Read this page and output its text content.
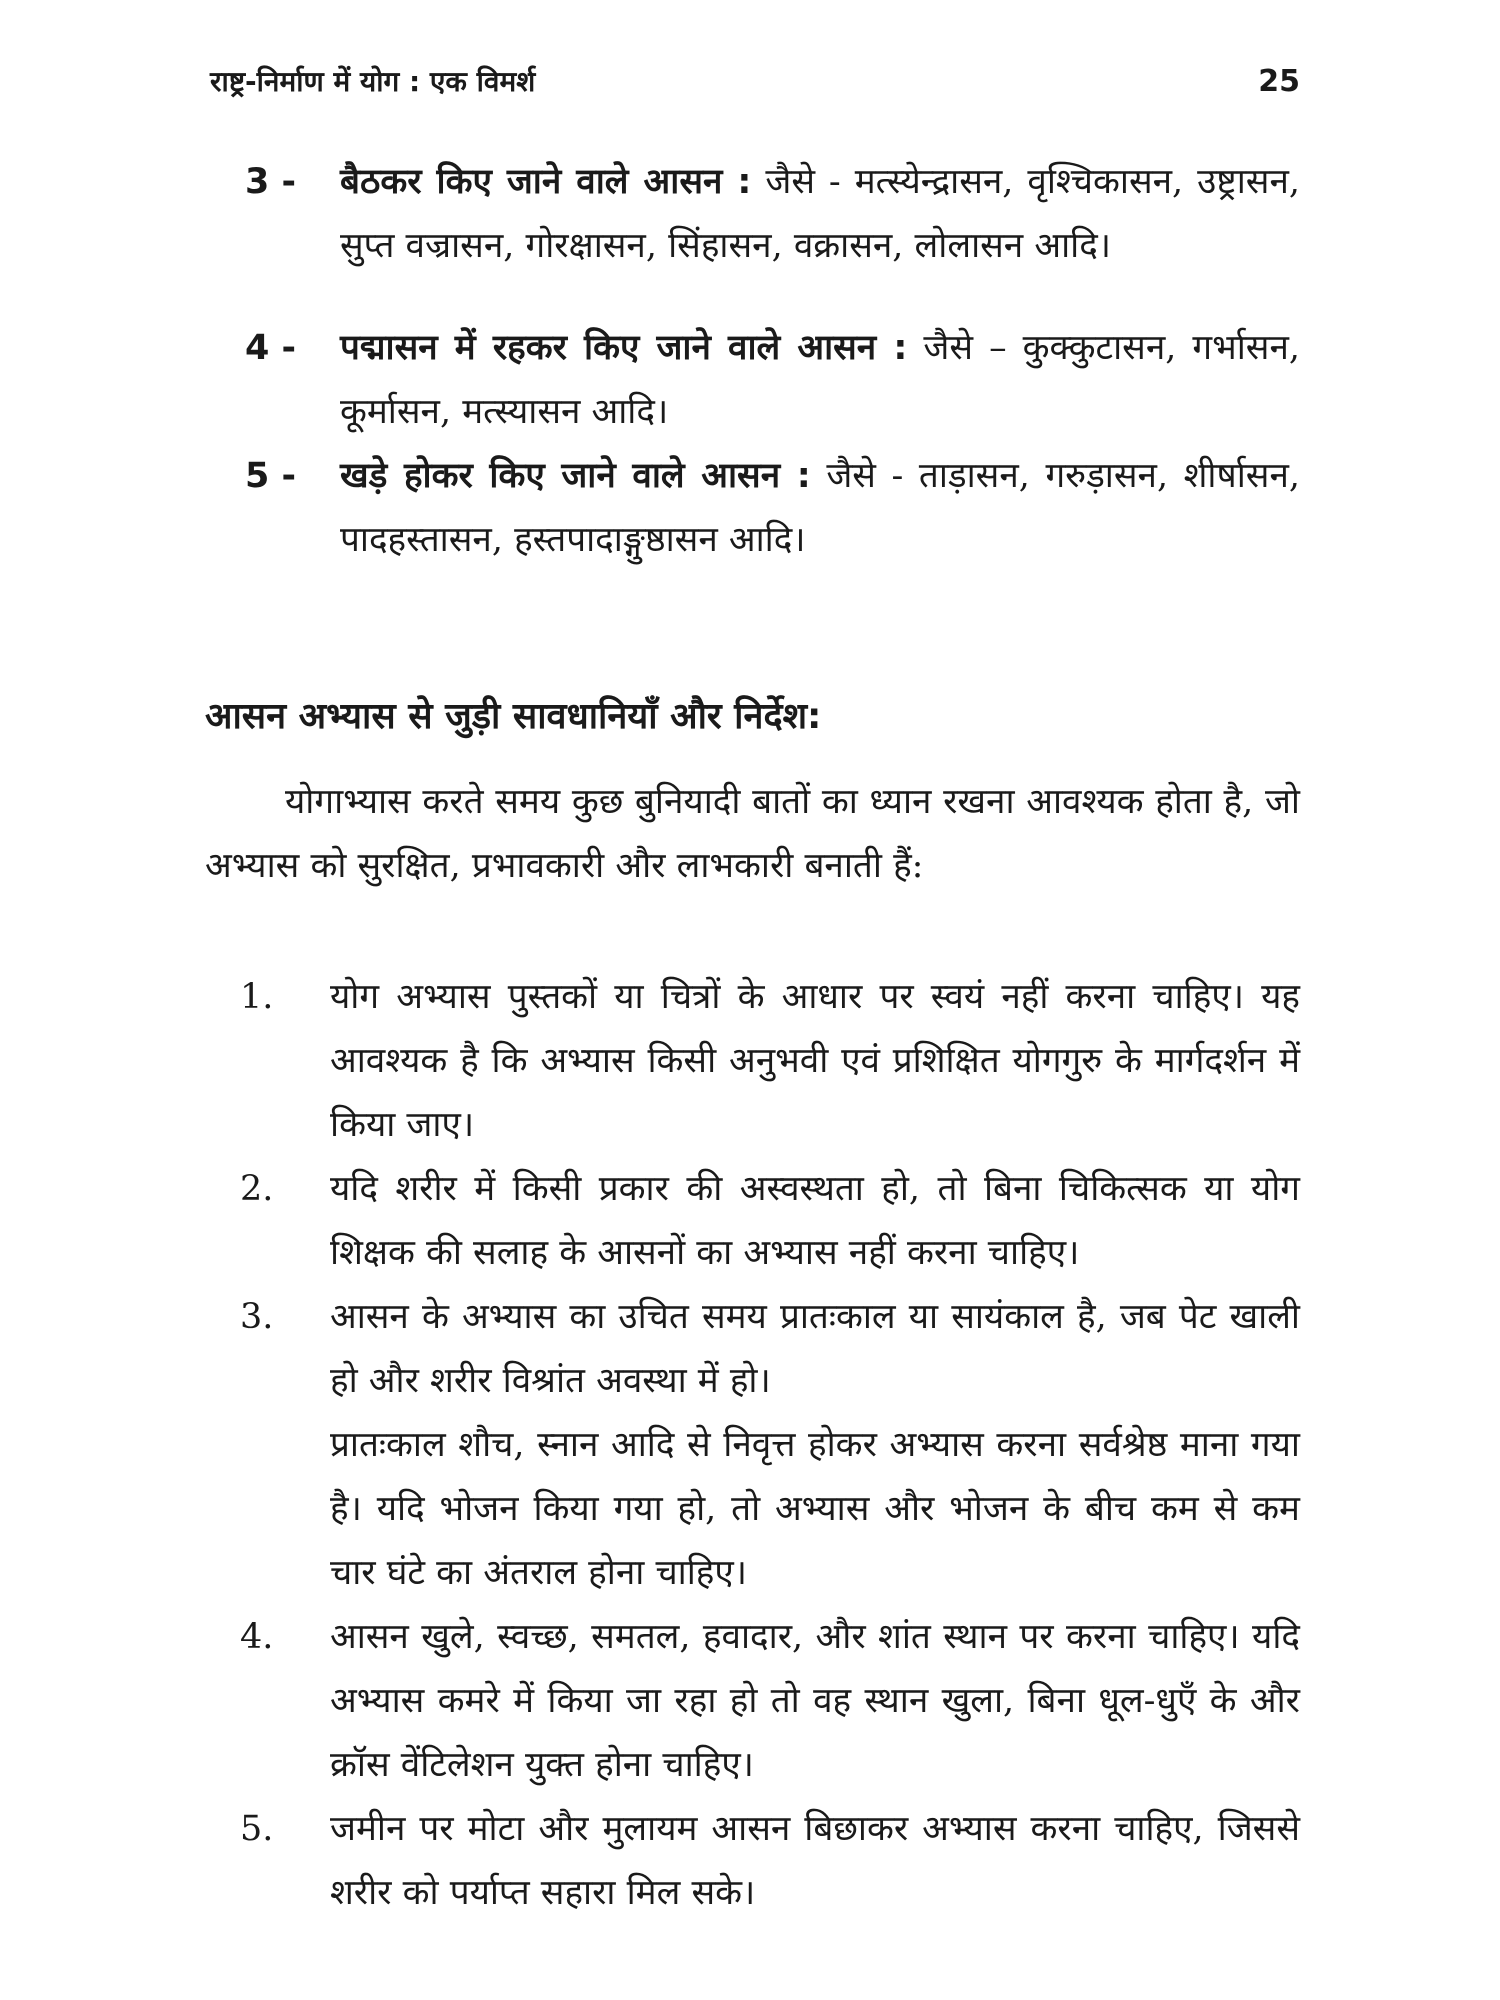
राष्ट्र-निर्माण में योग : एक विमर्श	25
3 -	बैठकर किए जाने वाले आसन : जैसे - मत्स्येन्द्रासन, वृश्चिकासन, उष्ट्रासन, सुप्त वज्रासन, गोरक्षासन, सिंहासन, वक्रासन, लोलासन आदि।
4 -	पद्मासन में रहकर किए जाने वाले आसन : जैसे – कुक्कुटासन, गर्भासन, कूर्मासन, मत्स्यासन आदि।
5 -	खड़े होकर किए जाने वाले आसन : जैसे - ताड़ासन, गरुड़ासन, शीर्षासन, पादहस्तासन, हस्तपादाङ्गुष्ठासन आदि।
आसन अभ्यास से जुड़ी सावधानियाँ और निर्देश:

योगाभ्यास करते समय कुछ बुनियादी बातों का ध्यान रखना आवश्यक होता है, जो अभ्यास को सुरक्षित, प्रभावकारी और लाभकारी बनाती हैं:

1.	योग अभ्यास पुस्तकों या चित्रों के आधार पर स्वयं नहीं करना चाहिए। यह आवश्यक है कि अभ्यास किसी अनुभवी एवं प्रशिक्षित योगगुरु के मार्गदर्शन में किया जाए।
2.	यदि शरीर में किसी प्रकार की अस्वस्थता हो, तो बिना चिकित्सक या योग शिक्षक की सलाह के आसनों का अभ्यास नहीं करना चाहिए।
3.	आसन के अभ्यास का उचित समय प्रातःकाल या सायंकाल है, जब पेट खाली हो और शरीर विश्रांत अवस्था में हो।
प्रातःकाल शौच, स्नान आदि से निवृत्त होकर अभ्यास करना सर्वश्रेष्ठ माना गया है। यदि भोजन किया गया हो, तो अभ्यास और भोजन के बीच कम से कम चार घंटे का अंतराल होना चाहिए।
4.	आसन खुले, स्वच्छ, समतल, हवादार, और शांत स्थान पर करना चाहिए। यदि अभ्यास कमरे में किया जा रहा हो तो वह स्थान खुला, बिना धूल-धुएँ के और क्रॉस वेंटिलेशन युक्त होना चाहिए।
5.	जमीन पर मोटा और मुलायम आसन बिछाकर अभ्यास करना चाहिए, जिससे शरीर को पर्याप्त सहारा मिल सके।
